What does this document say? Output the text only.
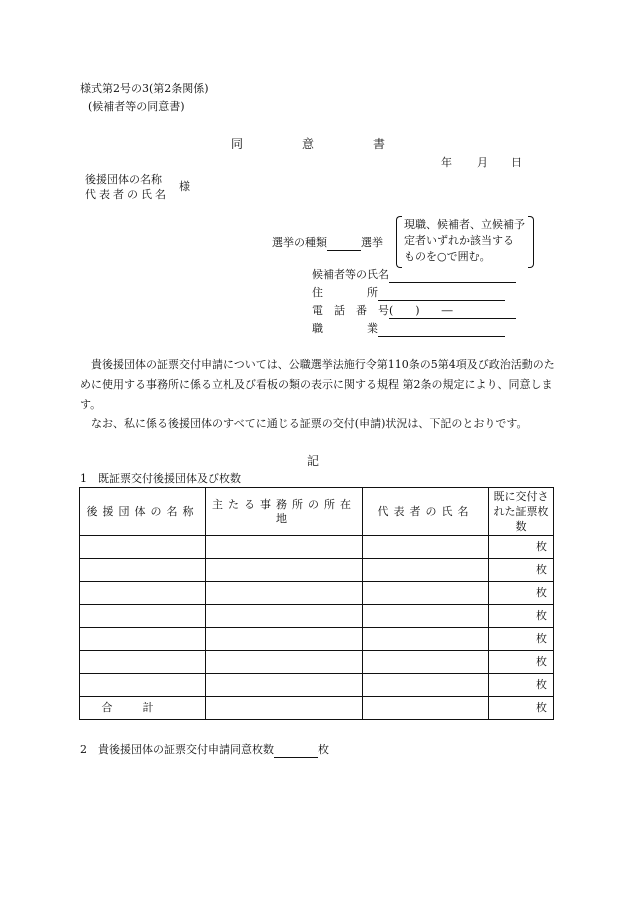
様式第2号の3(第2条関係)
(候補者等の同意書)
同	意	書
年 月 日
後援団体の名称
代表者の氏名
様
選挙の種類	選挙
現職、候補者、立候補予
定者いずれか該当する
ものを○で囲む。
候補者等の氏名
住　　　　所
電　話　番　号(　　)　　―
職　　　　業
　貴後援団体の証票交付申請については、公職選挙法施行令第110条の5第4項及び政治活動のために使用する事務所に係る立札及び看板の類の表示に関する規程 第2条の規定により、同意します。
　なお、私に係る後援団体のすべてに通じる証票の交付(申請)状況は、下記のとおりです。
記
1　既証票交付後援団体及び枚数
後援団体の名称	主たる事務所の所在地	代表者の氏名	既に交付された証票枚数
			枚
			枚
			枚
			枚
			枚
			枚
			枚
合計			枚
2　貴後援団体の証票交付申請同意枚数	枚
